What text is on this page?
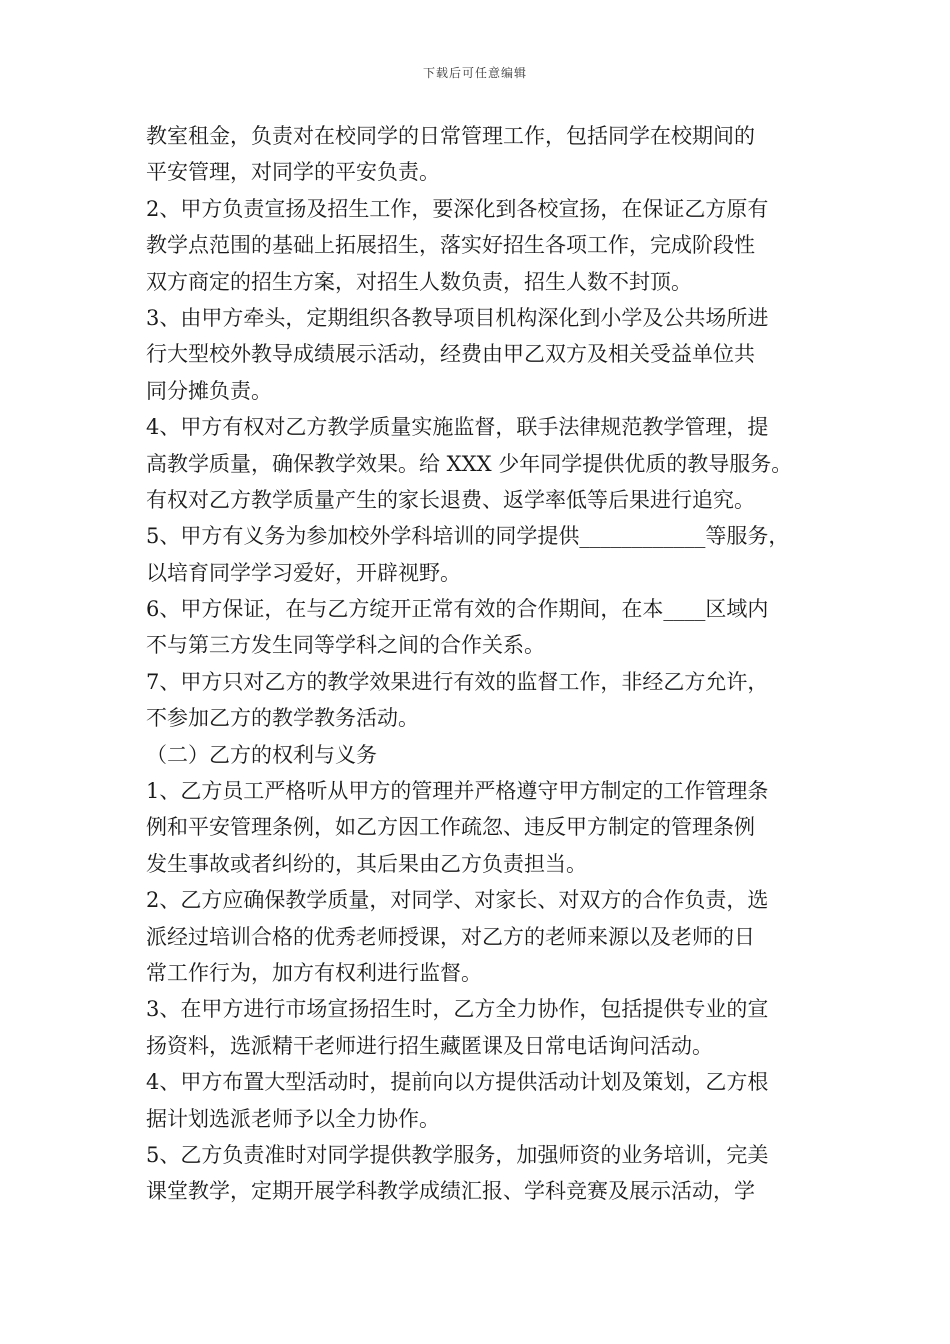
下载后可任意编辑
教室租金，负责对在校同学的日常管理工作，包括同学在校期间的
平安管理，对同学的平安负责。
2、甲方负责宣扬及招生工作，要深化到各校宣扬，在保证乙方原有
教学点范围的基础上拓展招生，落实好招生各项工作，完成阶段性
双方商定的招生方案，对招生人数负责，招生人数不封顶。
3、由甲方牵头，定期组织各教导项目机构深化到小学及公共场所进
行大型校外教导成绩展示活动，经费由甲乙双方及相关受益单位共
同分摊负责。
4、甲方有权对乙方教学质量实施监督，联手法律规范教学管理，提
高教学质量，确保教学效果。给 XXX 少年同学提供优质的教导服务。
有权对乙方教学质量产生的家长退费、返学率低等后果进行追究。
5、甲方有义务为参加校外学科培训的同学提供____________等服务，
以培育同学学习爱好，开辟视野。
6、甲方保证，在与乙方绽开正常有效的合作期间，在本____区域内
不与第三方发生同等学科之间的合作关系。
7、甲方只对乙方的教学效果进行有效的监督工作，非经乙方允许，
不参加乙方的教学教务活动。
（二）乙方的权利与义务
1、乙方员工严格听从甲方的管理并严格遵守甲方制定的工作管理条
例和平安管理条例，如乙方因工作疏忽、违反甲方制定的管理条例
发生事故或者纠纷的，其后果由乙方负责担当。
2、乙方应确保教学质量，对同学、对家长、对双方的合作负责，选
派经过培训合格的优秀老师授课，对乙方的老师来源以及老师的日
常工作行为，加方有权利进行监督。
3、在甲方进行市场宣扬招生时，乙方全力协作，包括提供专业的宣
扬资料，选派精干老师进行招生藏匿课及日常电话询问活动。
4、甲方布置大型活动时，提前向以方提供活动计划及策划，乙方根
据计划选派老师予以全力协作。
5、乙方负责准时对同学提供教学服务，加强师资的业务培训，完美
课堂教学，定期开展学科教学成绩汇报、学科竞赛及展示活动，学
